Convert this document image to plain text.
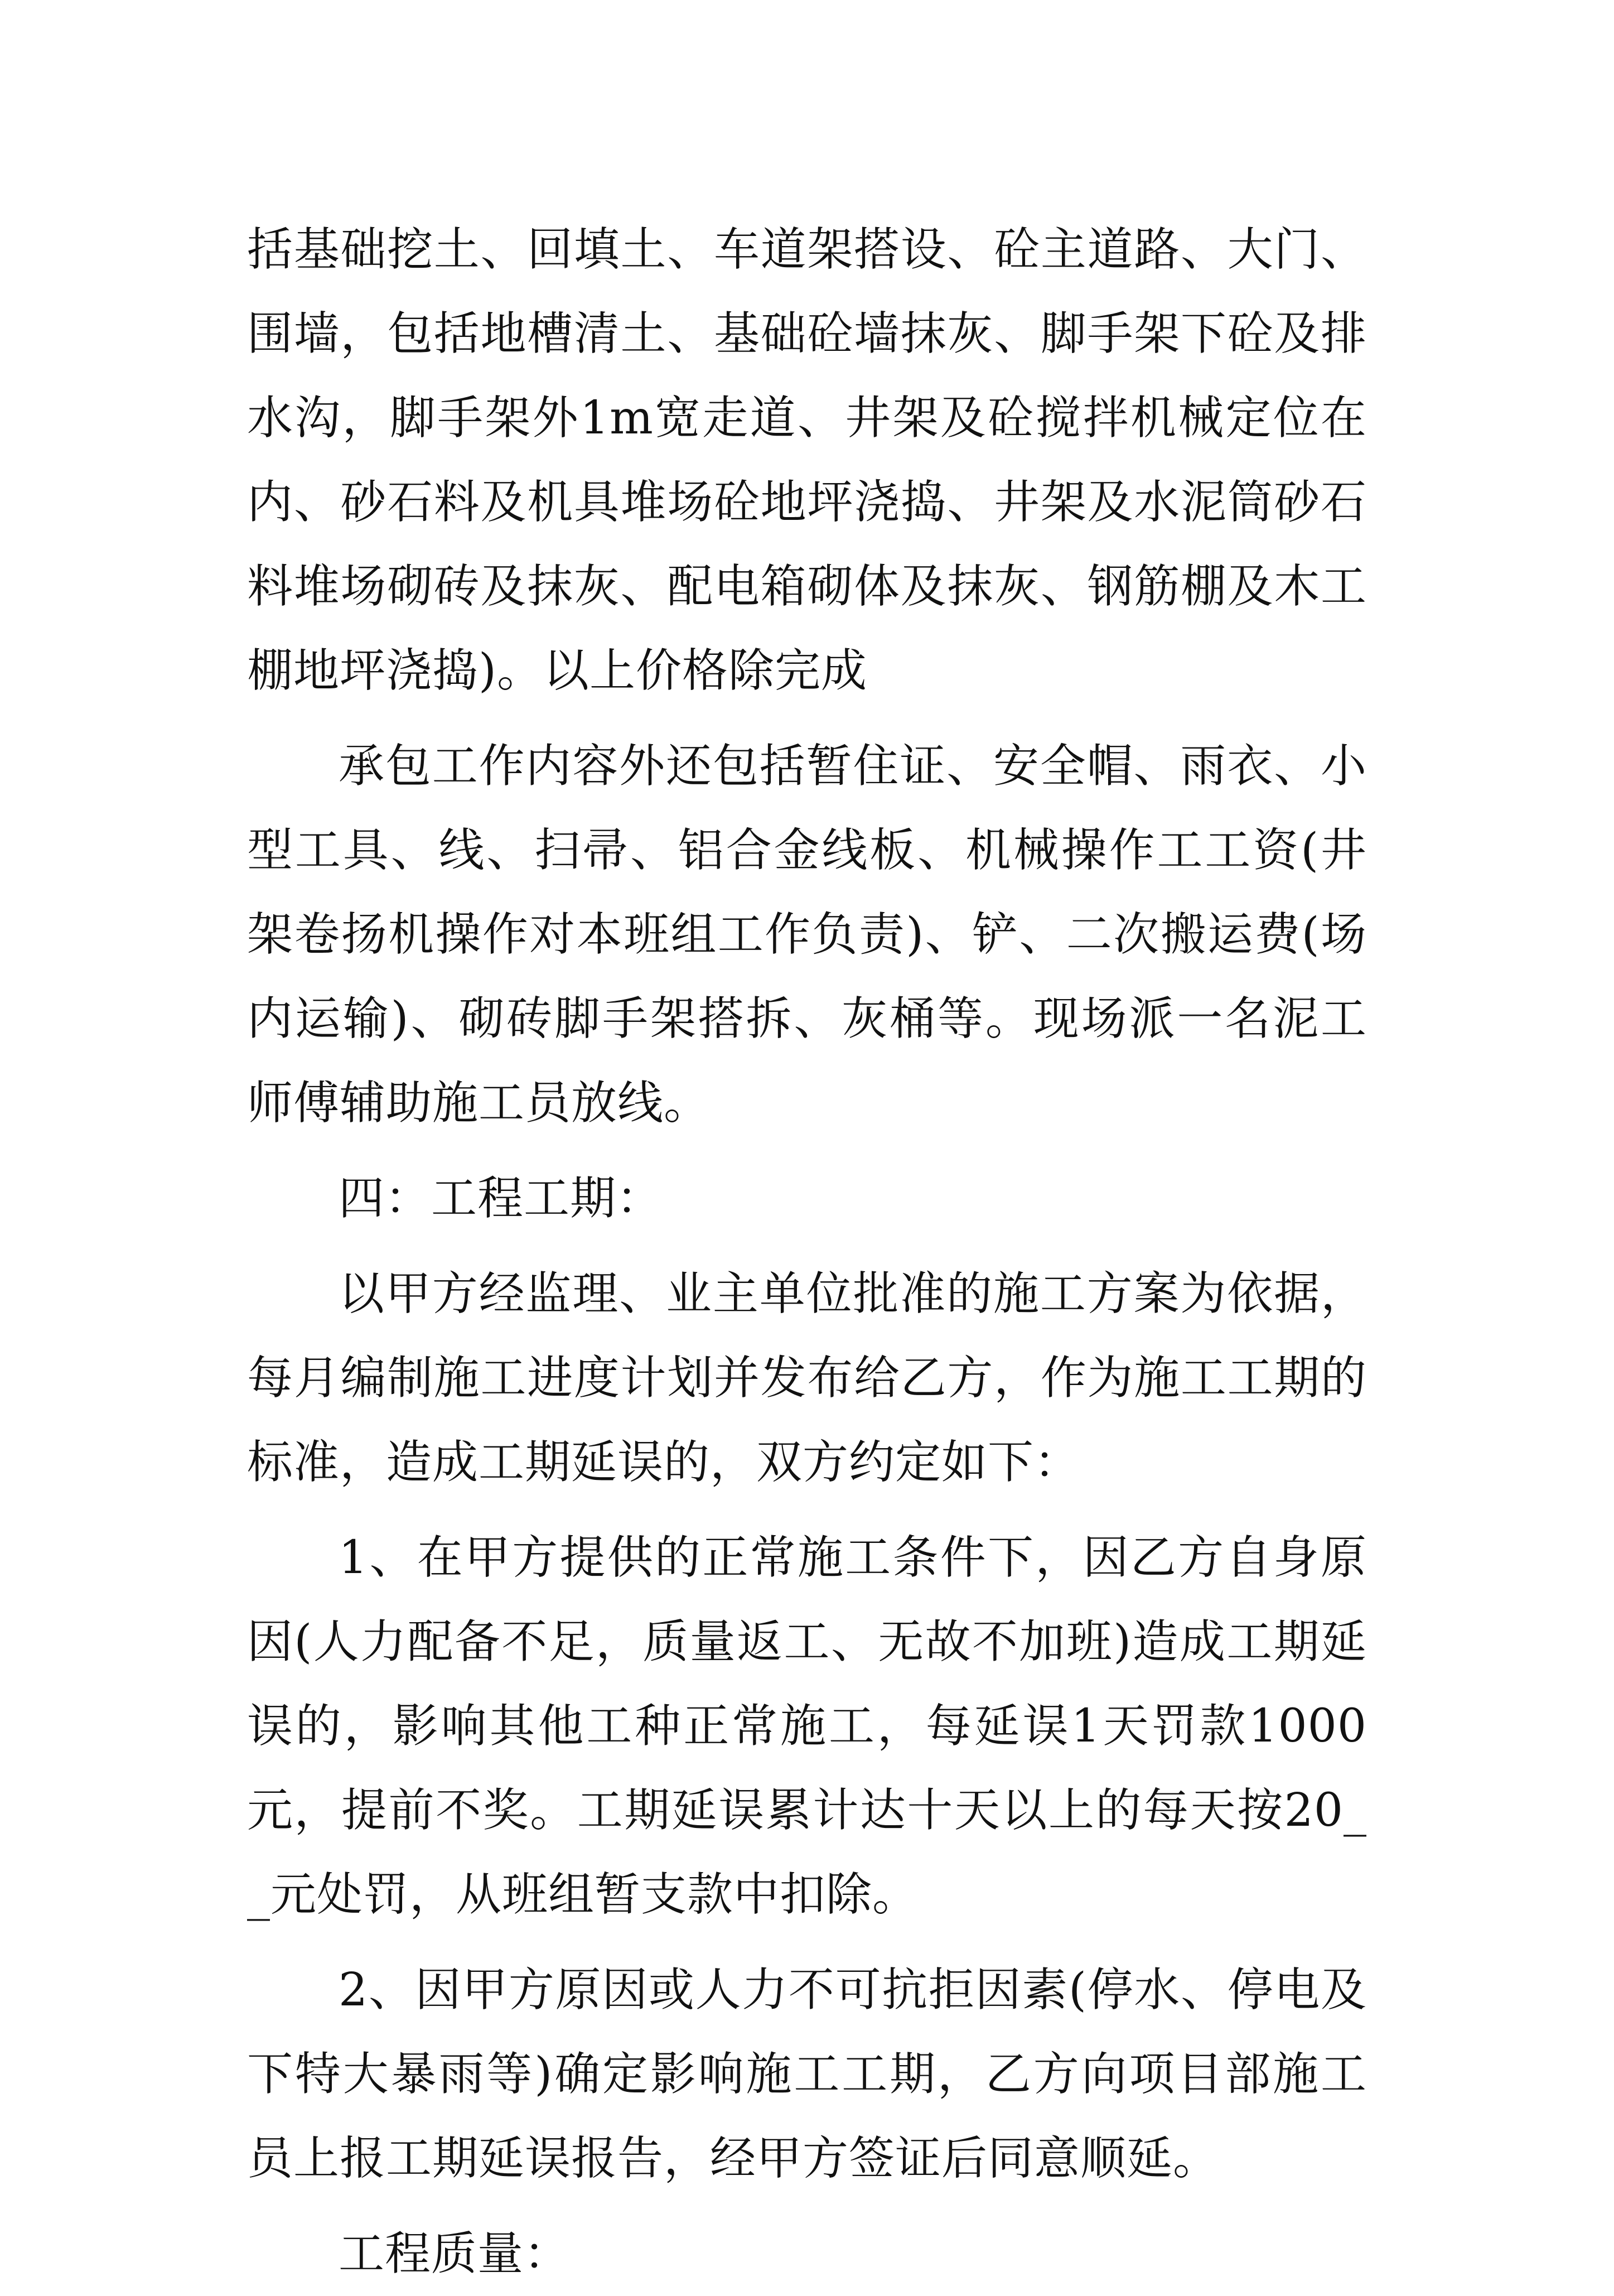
括基础挖土、回填土、车道架搭设、砼主道路、大门、围墙，包括地槽清土、基础砼墙抹灰、脚手架下砼及排水沟，脚手架外1m宽走道、井架及砼搅拌机械定位在内、砂石料及机具堆场砼地坪浇捣、井架及水泥筒砂石料堆场砌砖及抹灰、配电箱砌体及抹灰、钢筋棚及木工棚地坪浇捣)。以上价格除完成

承包工作内容外还包括暂住证、安全帽、雨衣、小型工具、线、扫帚、铝合金线板、机械操作工工资(井架卷扬机操作对本班组工作负责)、铲、二次搬运费(场内运输)、砌砖脚手架搭拆、灰桶等。现场派一名泥工师傅辅助施工员放线。

四：工程工期：

以甲方经监理、业主单位批准的施工方案为依据，每月编制施工进度计划并发布给乙方，作为施工工期的标准，造成工期延误的，双方约定如下：

1、在甲方提供的正常施工条件下，因乙方自身原因(人力配备不足，质量返工、无故不加班)造成工期延误的，影响其他工种正常施工，每延误1天罚款1000元，提前不奖。工期延误累计达十天以上的每天按20__元处罚，从班组暂支款中扣除。

2、因甲方原因或人力不可抗拒因素(停水、停电及下特大暴雨等)确定影响施工工期，乙方向项目部施工员上报工期延误报告，经甲方签证后同意顺延。

工程质量：
